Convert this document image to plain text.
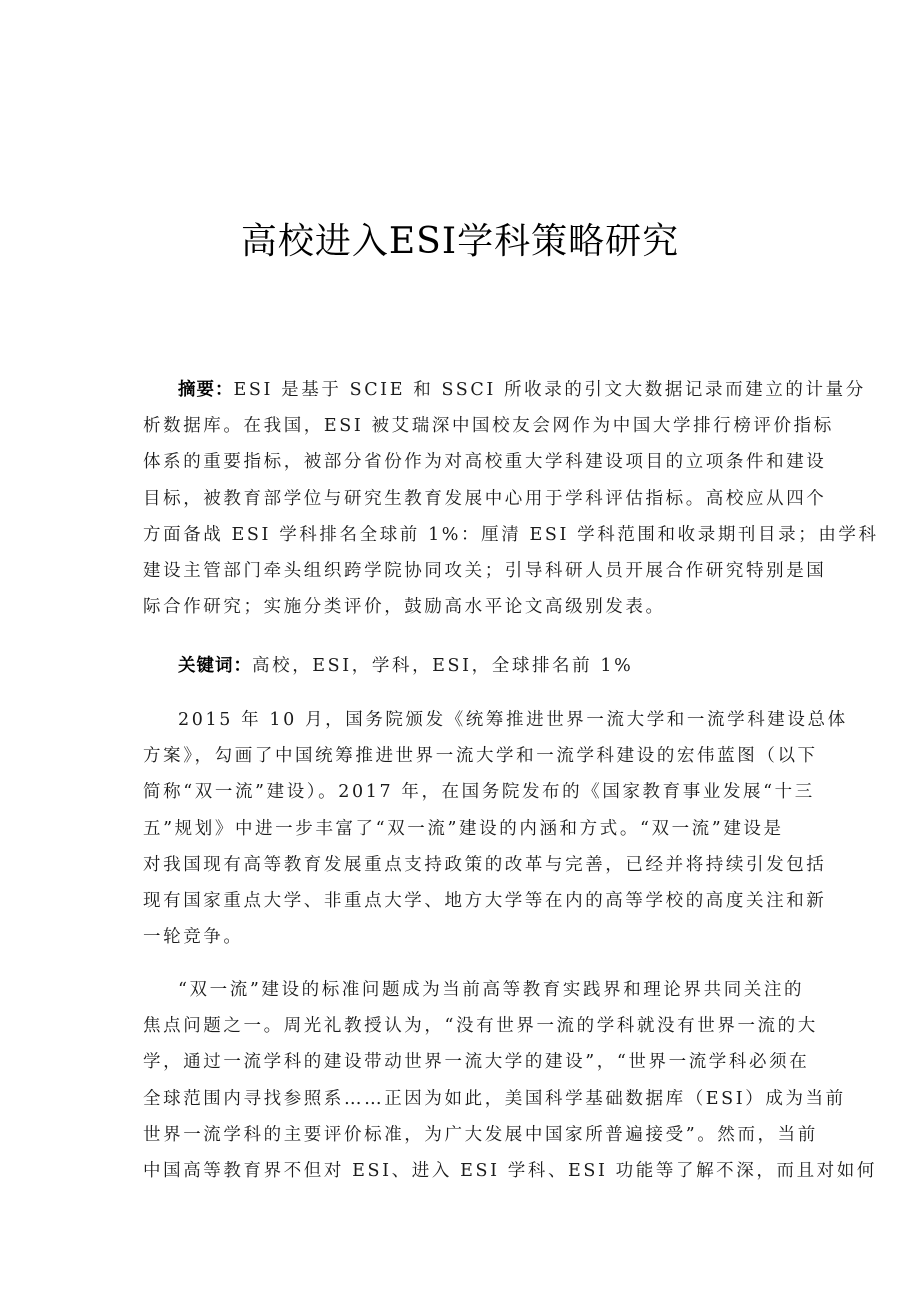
高校进入ESI学科策略研究
摘要：ESI 是基于 SCIE 和 SSCI 所收录的引文大数据记录而建立的计量分
析数据库。在我国，ESI 被艾瑞深中国校友会网作为中国大学排行榜评价指标
体系的重要指标，被部分省份作为对高校重大学科建设项目的立项条件和建设
目标，被教育部学位与研究生教育发展中心用于学科评估指标。高校应从四个
方面备战 ESI 学科排名全球前 1%：厘清 ESI 学科范围和收录期刊目录；由学科
建设主管部门牵头组织跨学院协同攻关；引导科研人员开展合作研究特别是国
际合作研究；实施分类评价，鼓励高水平论文高级别发表。
关键词：高校，ESI，学科，ESI，全球排名前 1%
2015 年 10 月，国务院颁发《统筹推进世界一流大学和一流学科建设总体
方案》，勾画了中国统筹推进世界一流大学和一流学科建设的宏伟蓝图（以下
简称“双一流”建设）。2017 年，在国务院发布的《国家教育事业发展“十三
五”规划》中进一步丰富了“双一流”建设的内涵和方式。“双一流”建设是
对我国现有高等教育发展重点支持政策的改革与完善，已经并将持续引发包括
现有国家重点大学、非重点大学、地方大学等在内的高等学校的高度关注和新
一轮竞争。
“双一流”建设的标准问题成为当前高等教育实践界和理论界共同关注的
焦点问题之一。周光礼教授认为，“没有世界一流的学科就没有世界一流的大
学，通过一流学科的建设带动世界一流大学的建设”，“世界一流学科必须在
全球范围内寻找参照系……正因为如此，美国科学基础数据库（ESI）成为当前
世界一流学科的主要评价标准，为广大发展中国家所普遍接受”。然而，当前
中国高等教育界不但对 ESI、进入 ESI 学科、ESI 功能等了解不深，而且对如何
